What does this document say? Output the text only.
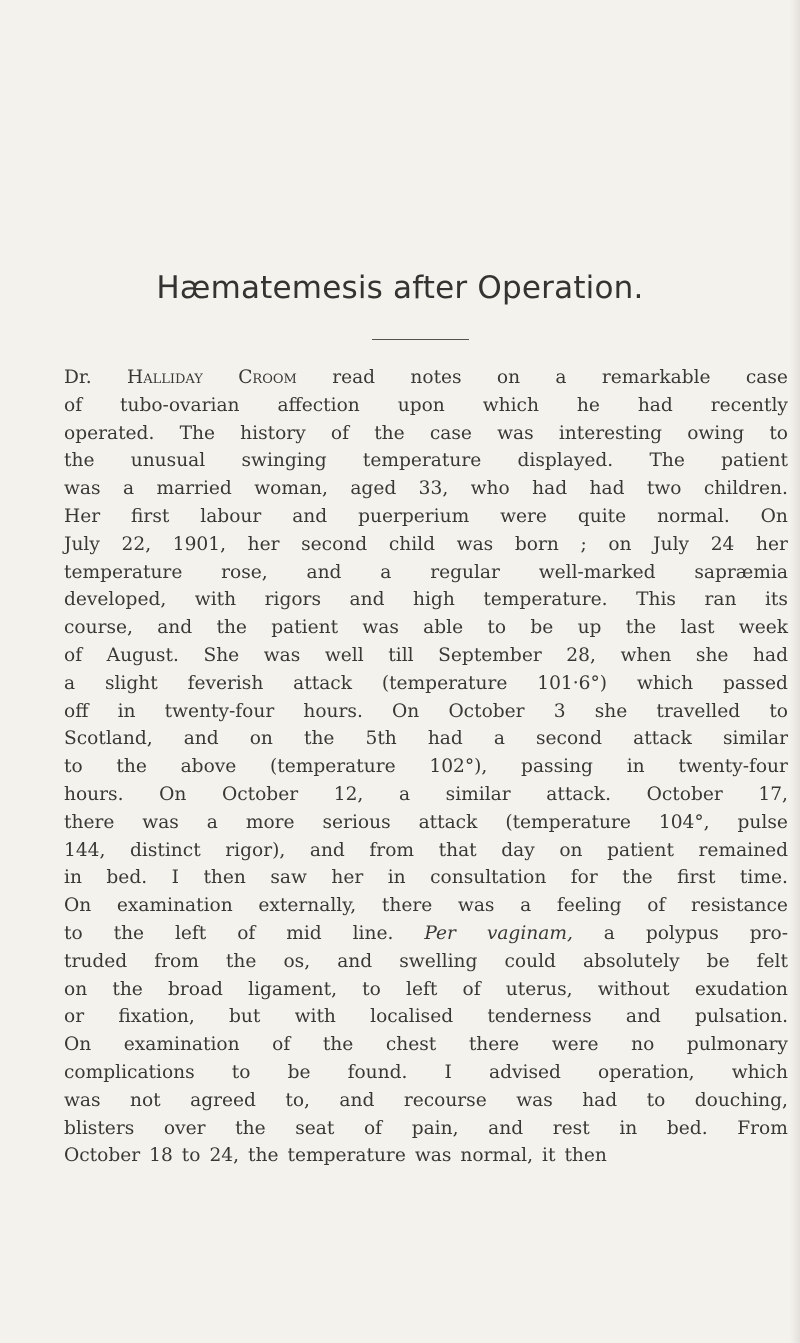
Hæmatemesis after Operation.
Dr. Halliday Croom read notes on a remarkable case
of tubo-ovarian affection upon which he had recently
operated. The history of the case was interesting owing to
the unusual swinging temperature displayed. The patient
was a married woman, aged 33, who had had two children.
Her first labour and puerperium were quite normal. On
July 22, 1901, her second child was born ; on July 24 her
temperature rose, and a regular well-marked sapræmia
developed, with rigors and high temperature. This ran its
course, and the patient was able to be up the last week
of August. She was well till September 28, when she had
a slight feverish attack (temperature 101·6°) which passed
off in twenty-four hours. On October 3 she travelled to
Scotland, and on the 5th had a second attack similar
to the above (temperature 102°), passing in twenty-four
hours. On October 12, a similar attack. October 17,
there was a more serious attack (temperature 104°, pulse
144, distinct rigor), and from that day on patient remained
in bed. I then saw her in consultation for the first time.
On examination externally, there was a feeling of resistance
to the left of mid line. Per vaginam, a polypus pro-
truded from the os, and swelling could absolutely be felt
on the broad ligament, to left of uterus, without exudation
or fixation, but with localised tenderness and pulsation.
On examination of the chest there were no pulmonary
complications to be found. I advised operation, which
was not agreed to, and recourse was had to douching,
blisters over the seat of pain, and rest in bed. From
October 18 to 24, the temperature was normal, it then
